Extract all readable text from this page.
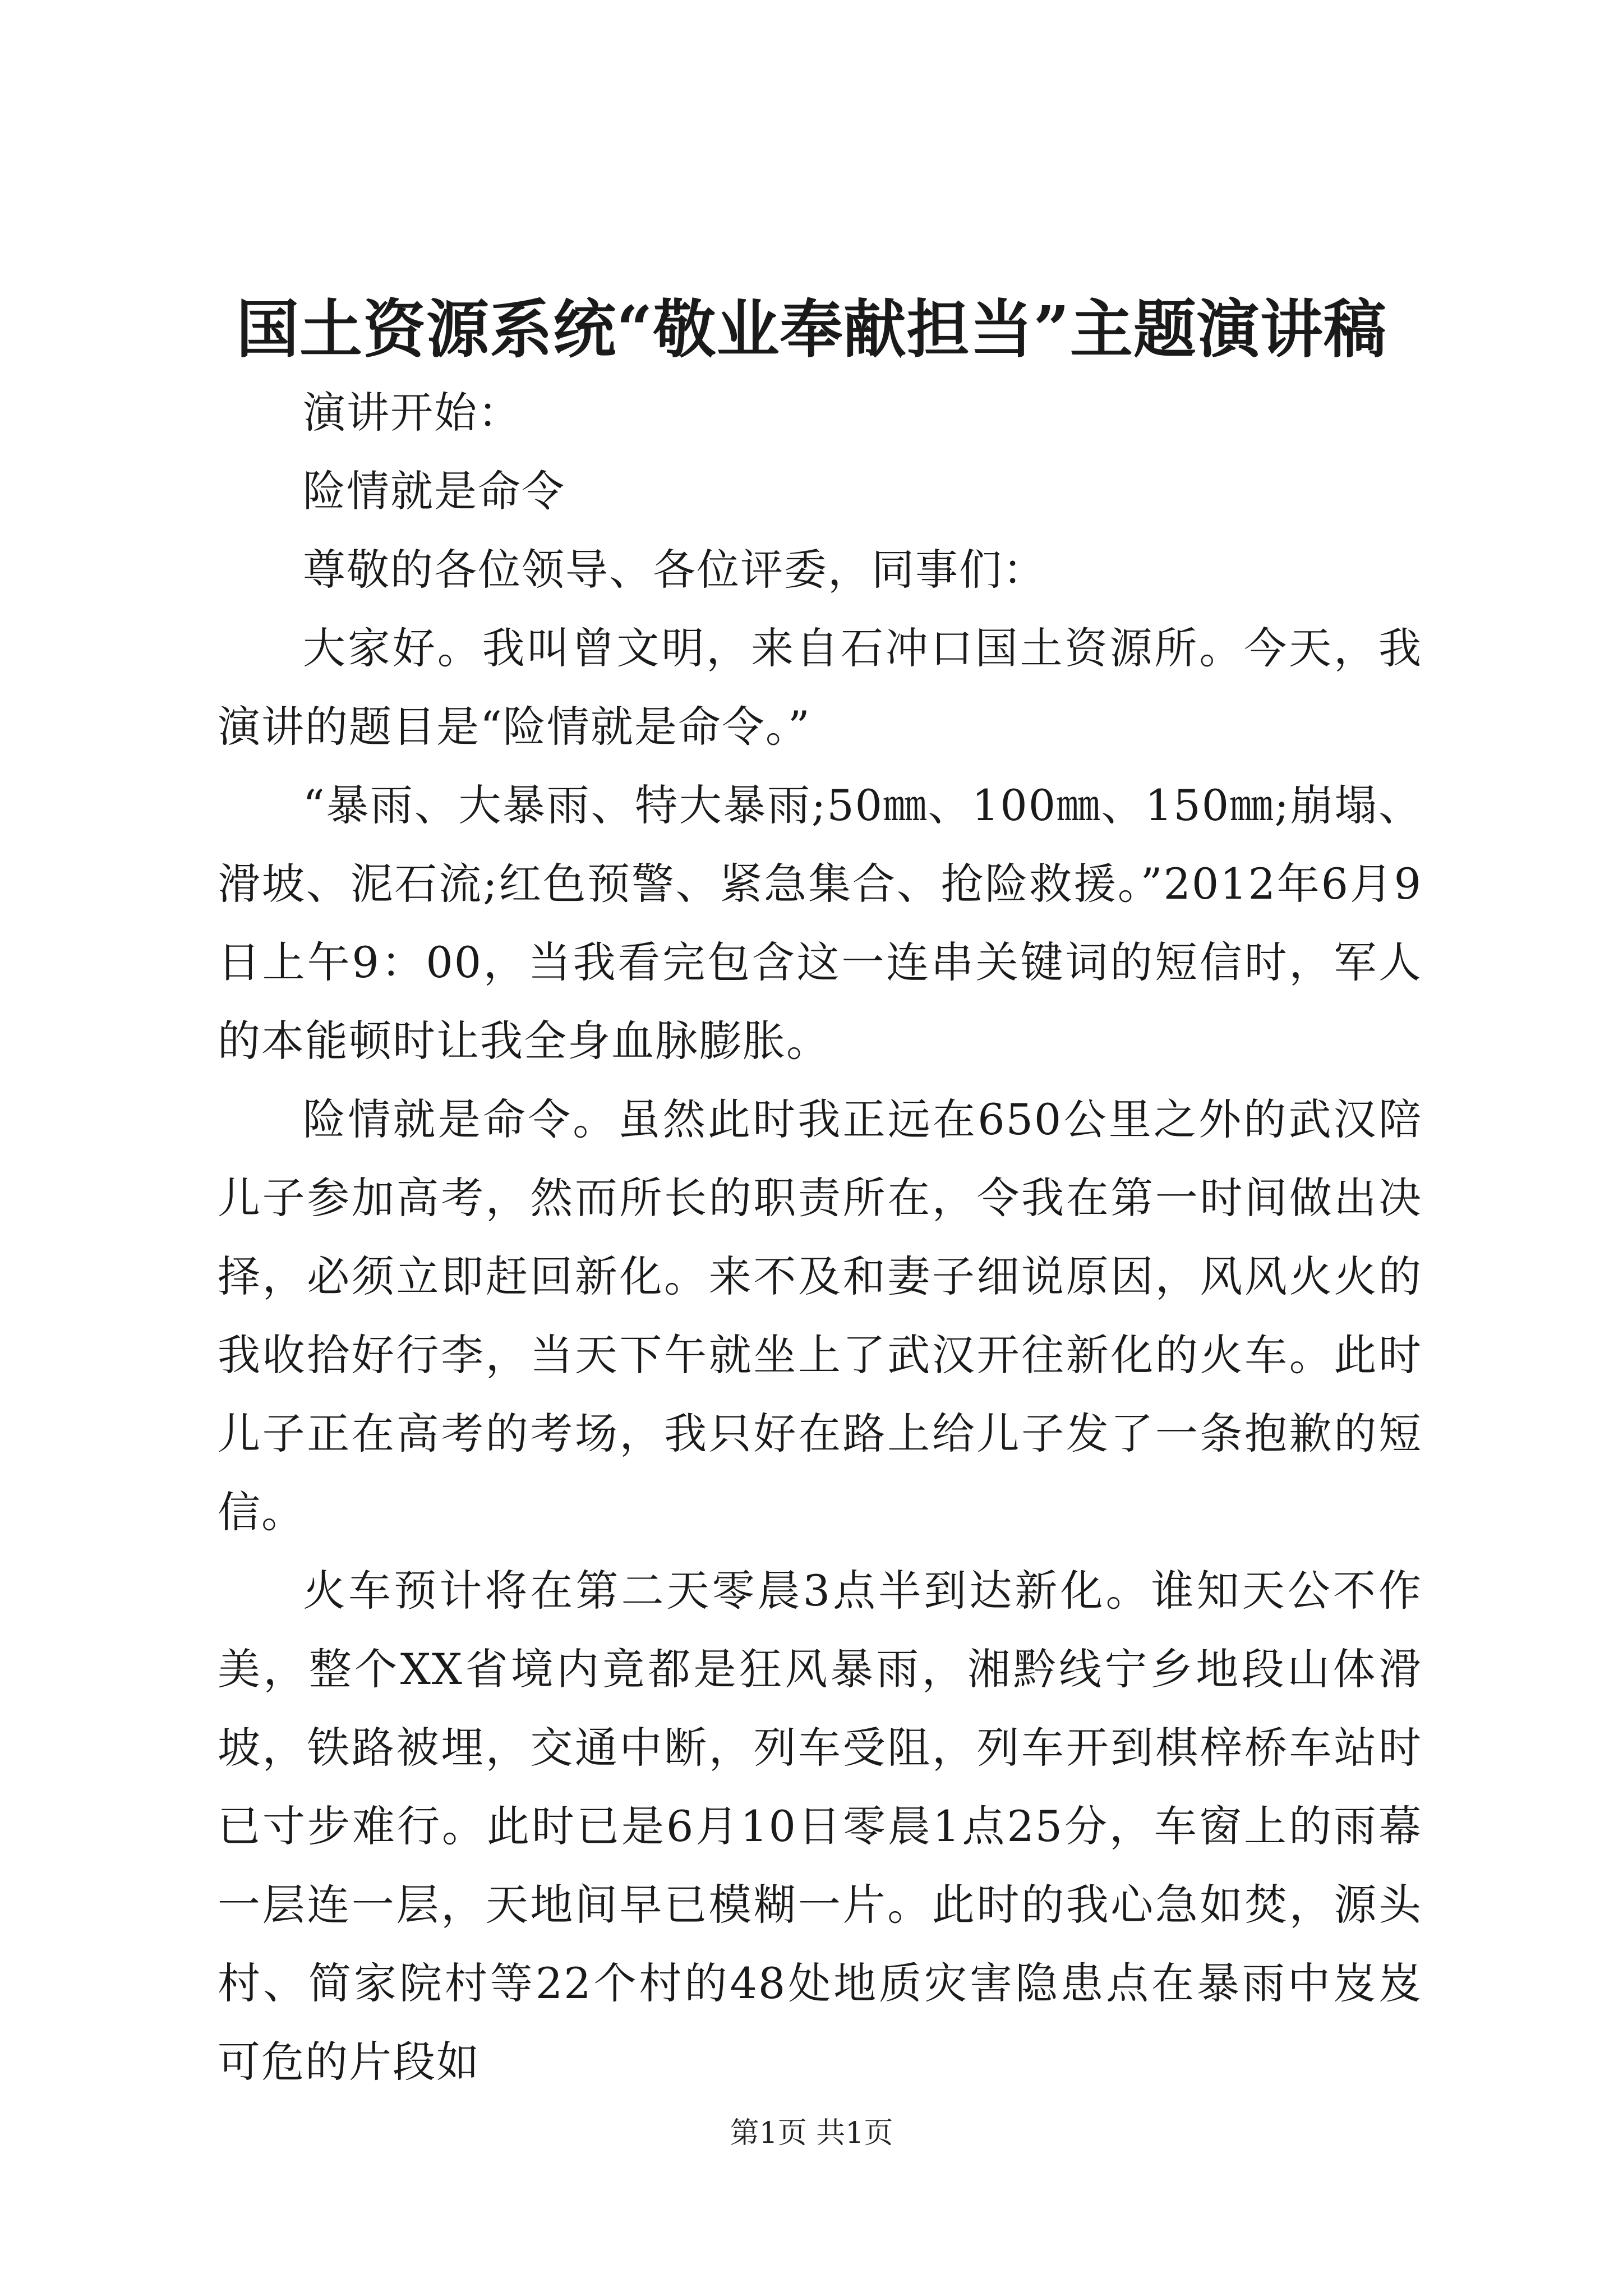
国土资源系统“敬业奉献担当”主题演讲稿

演讲开始：

险情就是命令

尊敬的各位领导、各位评委，同事们：

大家好。我叫曾文明，来自石冲口国土资源所。今天，我演讲的题目是“险情就是命令。”

“暴雨、大暴雨、特大暴雨;50㎜、100㎜、150㎜;崩塌、滑坡、泥石流;红色预警、紧急集合、抢险救援。”2012年6月9日上午9：00，当我看完包含这一连串关键词的短信时，军人的本能顿时让我全身血脉膨胀。

险情就是命令。虽然此时我正远在650公里之外的武汉陪儿子参加高考，然而所长的职责所在，令我在第一时间做出决择，必须立即赶回新化。来不及和妻子细说原因，风风火火的我收拾好行李，当天下午就坐上了武汉开往新化的火车。此时儿子正在高考的考场，我只好在路上给儿子发了一条抱歉的短信。

火车预计将在第二天零晨3点半到达新化。谁知天公不作美，整个XX省境内竟都是狂风暴雨，湘黔线宁乡地段山体滑坡，铁路被埋，交通中断，列车受阻，列车开到棋梓桥车站时已寸步难行。此时已是6月10日零晨1点25分，车窗上的雨幕一层连一层，天地间早已模糊一片。此时的我心急如焚，源头村、简家院村等22个村的48处地质灾害隐患点在暴雨中岌岌可危的片段如

第1页 共1页
